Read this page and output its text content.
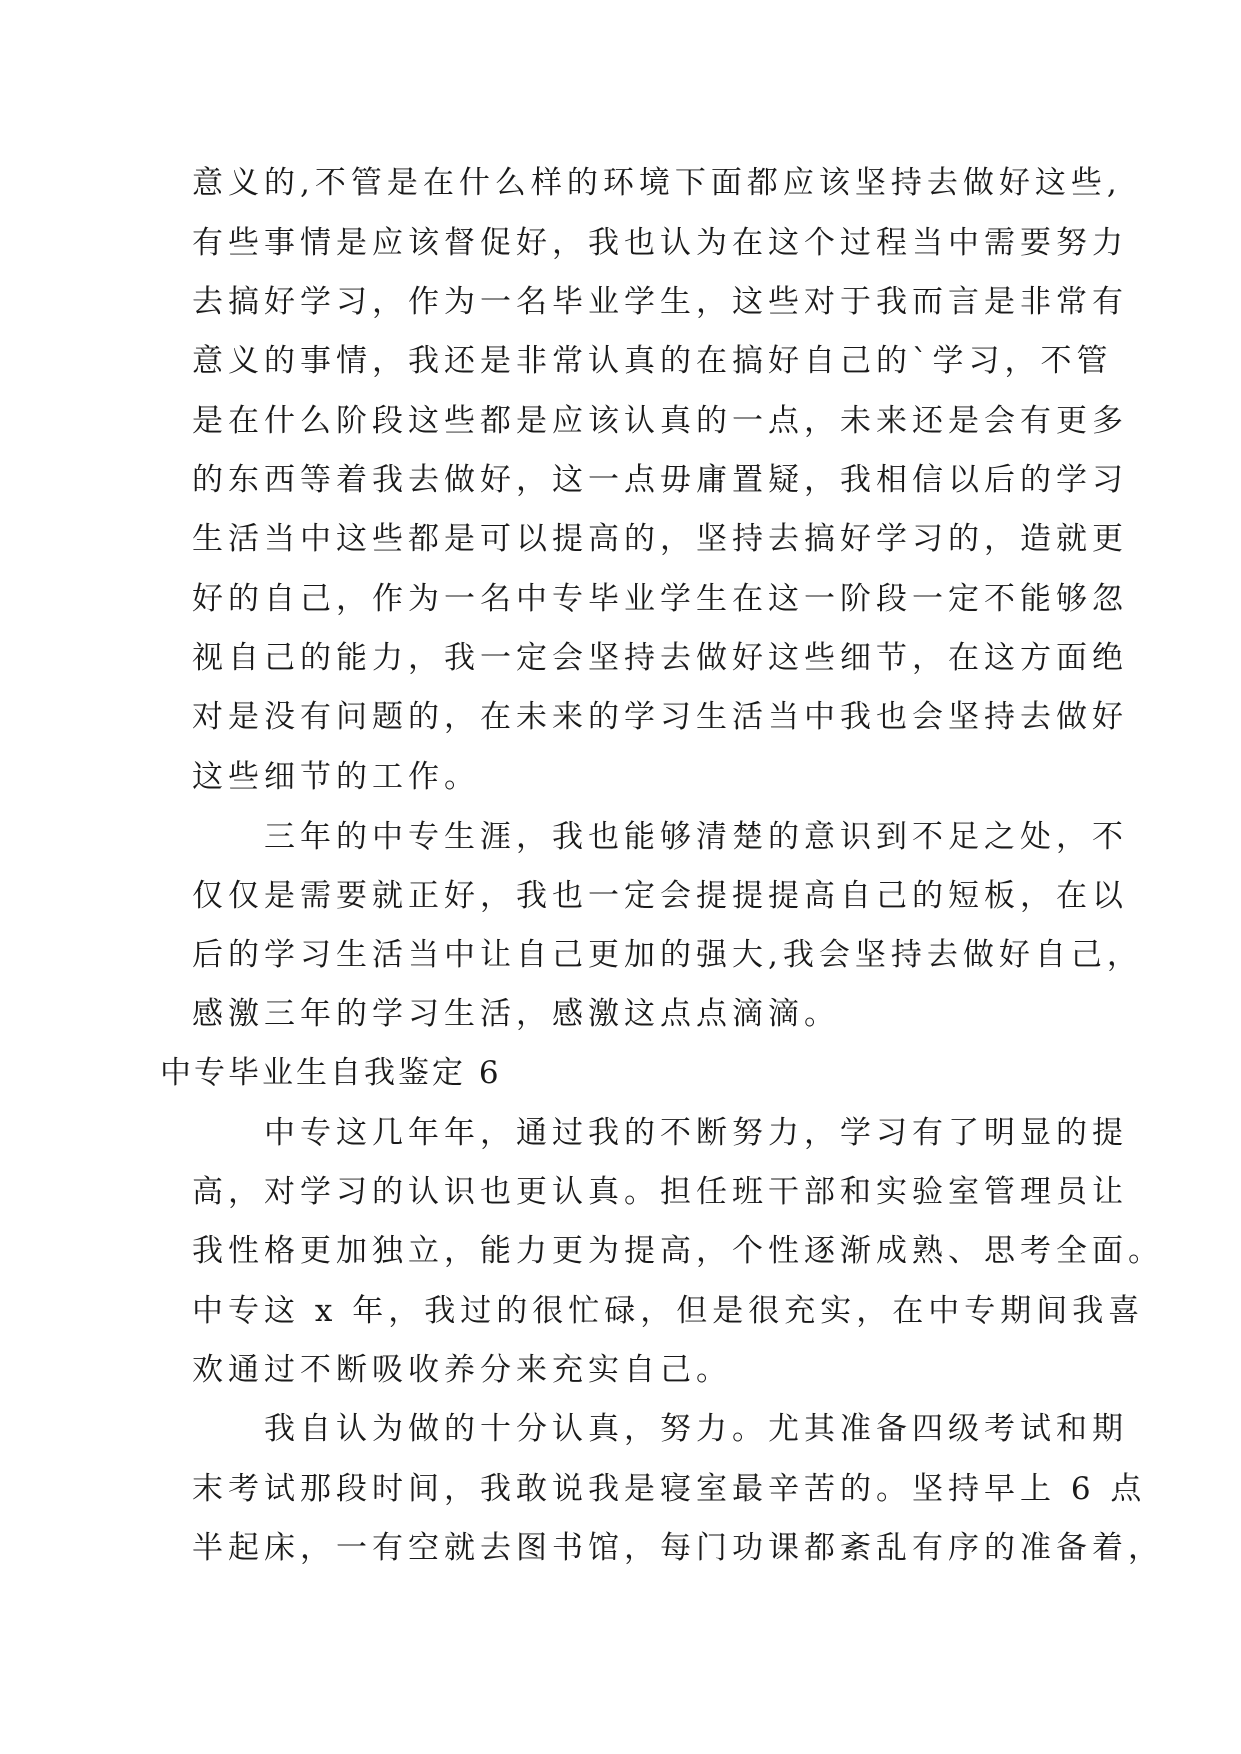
意义的,不管是在什么样的环境下面都应该坚持去做好这些,
有些事情是应该督促好，我也认为在这个过程当中需要努力
去搞好学习，作为一名毕业学生，这些对于我而言是非常有
意义的事情，我还是非常认真的在搞好自己的`学习，不管
是在什么阶段这些都是应该认真的一点，未来还是会有更多
的东西等着我去做好，这一点毋庸置疑，我相信以后的学习
生活当中这些都是可以提高的，坚持去搞好学习的，造就更
好的自己，作为一名中专毕业学生在这一阶段一定不能够忽
视自己的能力，我一定会坚持去做好这些细节，在这方面绝
对是没有问题的，在未来的学习生活当中我也会坚持去做好
这些细节的工作。
　　三年的中专生涯，我也能够清楚的意识到不足之处，不
仅仅是需要就正好，我也一定会提提提高自己的短板，在以
后的学习生活当中让自己更加的强大,我会坚持去做好自己，
感激三年的学习生活，感激这点点滴滴。
中专毕业生自我鉴定 6
　　中专这几年年，通过我的不断努力，学习有了明显的提
高，对学习的认识也更认真。担任班干部和实验室管理员让
我性格更加独立，能力更为提高，个性逐渐成熟、思考全面。
中专这 x 年，我过的很忙碌，但是很充实，在中专期间我喜
欢通过不断吸收养分来充实自己。
　　我自认为做的十分认真，努力。尤其准备四级考试和期
末考试那段时间，我敢说我是寝室最辛苦的。坚持早上 6 点
半起床，一有空就去图书馆，每门功课都紊乱有序的准备着，
